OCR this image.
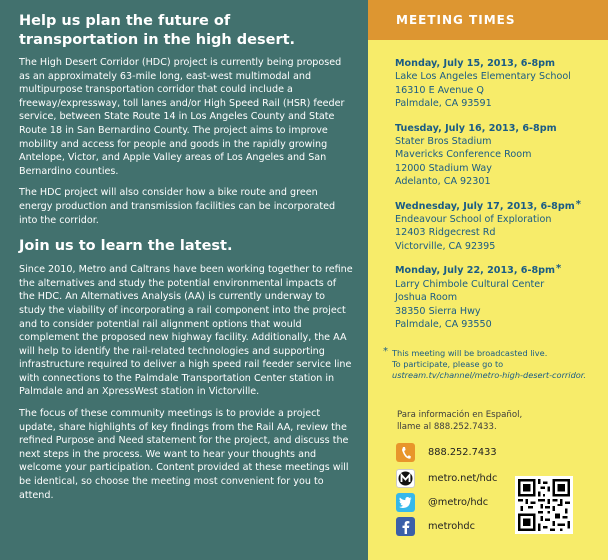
Help us plan the future of transportation in the high desert.

The High Desert Corridor (HDC) project is currently being proposed as an approximately 63-mile long, east-west multimodal and multipurpose transportation corridor that could include a freeway/expressway, toll lanes and/or High Speed Rail (HSR) feeder service, between State Route 14 in Los Angeles County and State Route 18 in San Bernardino County. The project aims to improve mobility and access for people and goods in the rapidly growing Antelope, Victor, and Apple Valley areas of Los Angeles and San Bernardino counties.

The HDC project will also consider how a bike route and green energy production and transmission facilities can be incorporated into the corridor.

Join us to learn the latest.

Since 2010, Metro and Caltrans have been working together to refine the alternatives and study the potential environmental impacts of the HDC. An Alternatives Analysis (AA) is currently underway to study the viability of incorporating a rail component into the project and to consider potential rail alignment options that would complement the proposed new highway facility. Additionally, the AA will help to identify the rail-related technologies and supporting infrastructure required to deliver a high speed rail feeder service line with connections to the Palmdale Transportation Center station in Palmdale and an XpressWest station in Victorville.

The focus of these community meetings is to provide a project update, share highlights of key findings from the Rail AA, review the refined Purpose and Need statement for the project, and discuss the next steps in the process. We want to hear your thoughts and welcome your participation. Content provided at these meetings will be identical, so choose the meeting most convenient for you to attend.

MEETING TIMES
Monday, July 15, 2013, 6-8pm
Lake Los Angeles Elementary School
16310 E Avenue Q
Palmdale, CA 93591
Tuesday, July 16, 2013, 6-8pm
Stater Bros Stadium
Mavericks Conference Room
12000 Stadium Way
Adelanto, CA 92301
Wednesday, July 17, 2013, 6-8pm*
Endeavour School of Exploration
12403 Ridgecrest Rd
Victorville, CA 92395
Monday, July 22, 2013, 6-8pm*
Larry Chimbole Cultural Center
Joshua Room
38350 Sierra Hwy
Palmdale, CA 93550
* This meeting will be broadcasted live.
To participate, please go to ustream.tv/channel/metro-high-desert-corridor.
Para información en Español,
llame al 888.252.7433.
888.252.7433
metro.net/hdc
@metro/hdc
metrohdc
